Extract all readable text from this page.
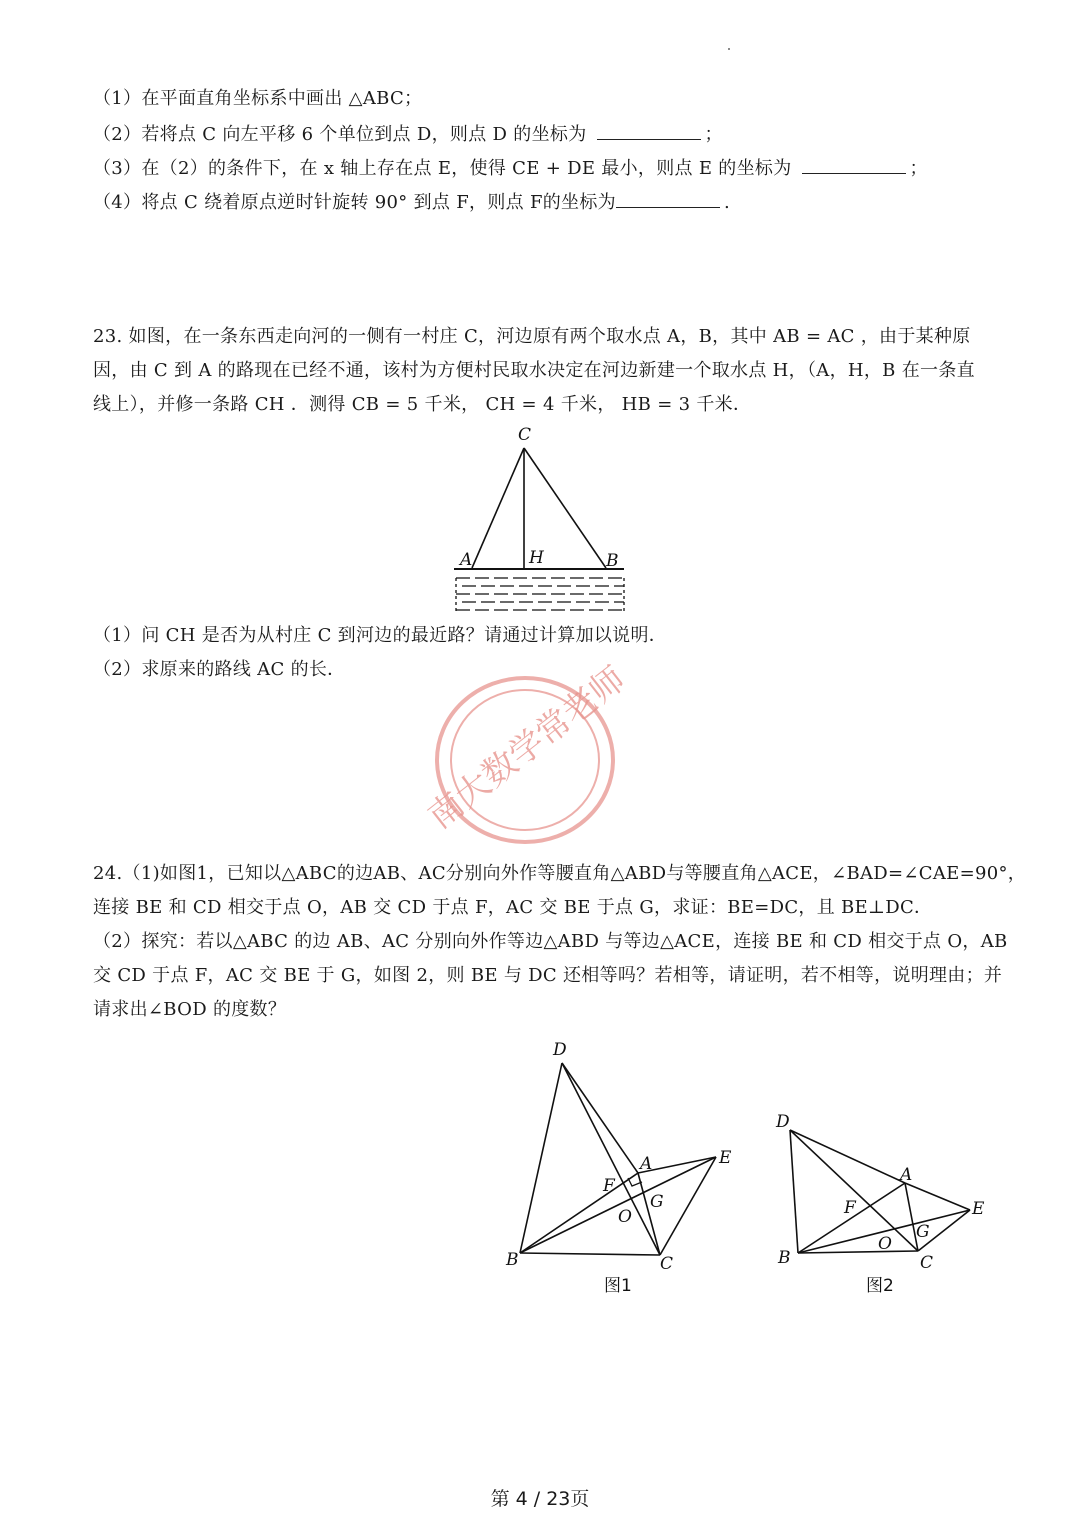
（1）在平面直角坐标系中画出 △ABC；
（2）若将点 C 向左平移 6 个单位到点 D，则点 D 的坐标为	；
（3）在（2）的条件下，在 x 轴上存在点 E，使得 CE + DE 最小，则点 E 的坐标为	；
（4）将点 C 绕着原点逆时针旋转 90° 到点 F，则点 F的坐标为	.
23. 如图，在一条东西走向河的一侧有一村庄 C，河边原有两个取水点 A，B，其中 AB = AC ，由于某种原
因，由 C 到 A 的路现在已经不通，该村为方便村民取水决定在河边新建一个取水点 H，（A，H，B 在一条直
线上），并修一条路 CH ．测得 CB = 5 千米， CH = 4 千米， HB = 3 千米．
C
A	H	B
（1）问 CH 是否为从村庄 C 到河边的最近路？请通过计算加以说明．
（2）求原来的路线 AC 的长． 南大数学常老师
24.（1)如图1，已知以△ABC的边AB、AC分别向外作等腰直角△ABD与等腰直角△ACE，∠BAD=∠CAE=90°，
连接 BE 和 CD 相交于点 O，AB 交 CD 于点 F，AC 交 BE 于点 G，求证：BE=DC，且 BE⊥DC．
（2）探究：若以△ABC 的边 AB、AC 分别向外作等边△ABD 与等边△ACE，连接 BE 和 CD 相交于点 O，AB
交 CD 于点 F，AC 交 BE 于 G，如图 2，则 BE 与 DC 还相等吗？若相等，请证明，若不相等，说明理由；并
请求出∠BOD 的度数？
D
A	E
F
G
O
B	C
图1
D
A
E
F
G
O
B	C
图2
第 4 / 23页
